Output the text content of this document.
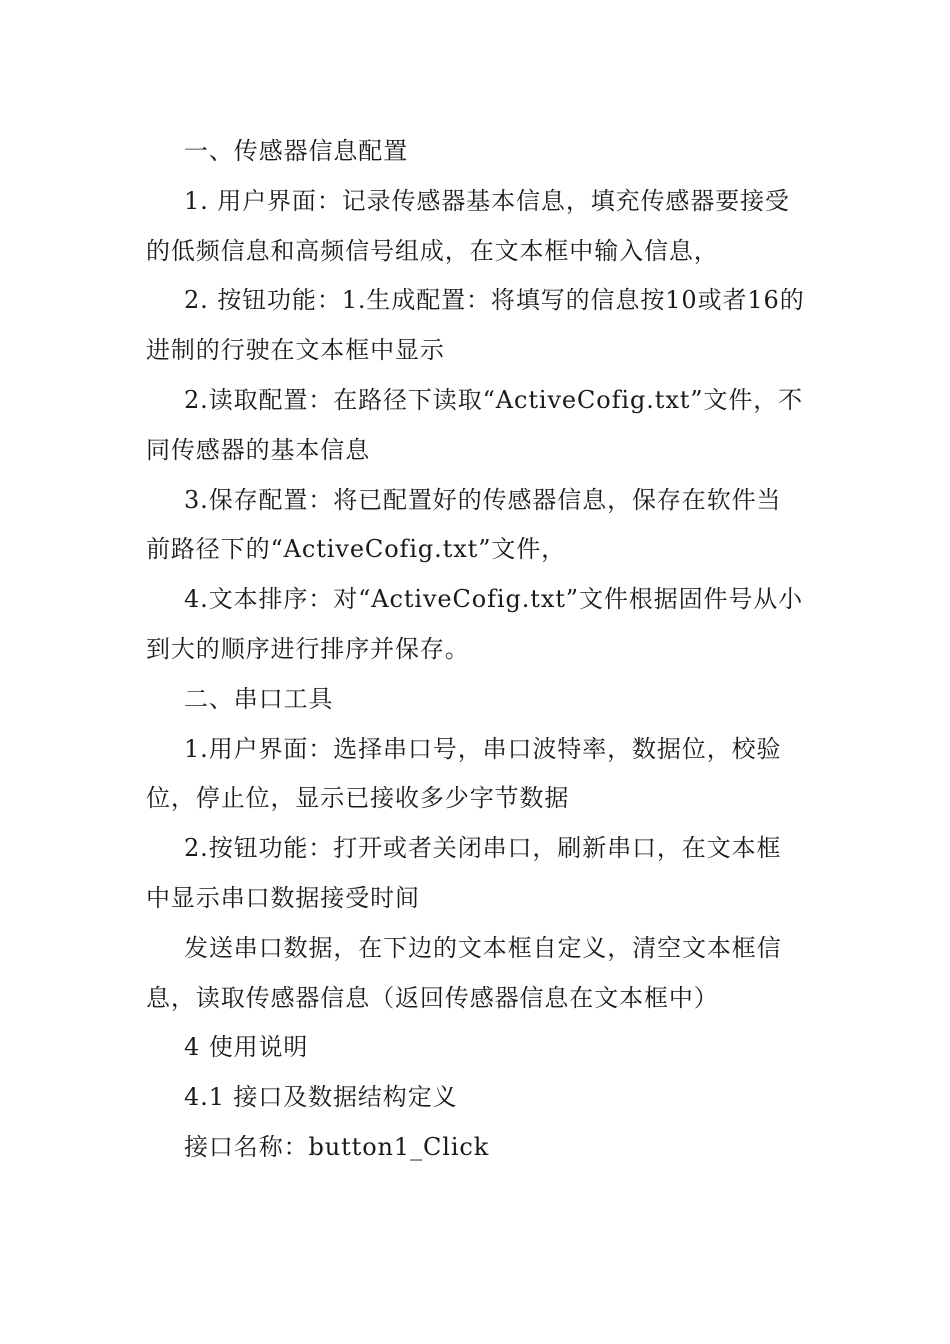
一、传感器信息配置

1. 用户界面：记录传感器基本信息，填充传感器要接受的低频信息和高频信号组成，在文本框中输入信息，

2. 按钮功能：1.生成配置：将填写的信息按10或者16的进制的行驶在文本框中显示

2.读取配置：在路径下读取“ActiveCofig.txt”文件，不同传感器的基本信息

3.保存配置：将已配置好的传感器信息，保存在软件当前路径下的“ActiveCofig.txt”文件，

4.文本排序：对“ActiveCofig.txt”文件根据固件号从小到大的顺序进行排序并保存。

二、串口工具

1.用户界面：选择串口号，串口波特率，数据位，校验位，停止位，显示已接收多少字节数据

2.按钮功能：打开或者关闭串口，刷新串口，在文本框中显示串口数据接受时间

发送串口数据，在下边的文本框自定义，清空文本框信息，读取传感器信息（返回传感器信息在文本框中）

4 使用说明

4.1 接口及数据结构定义

接口名称：button1_Click
